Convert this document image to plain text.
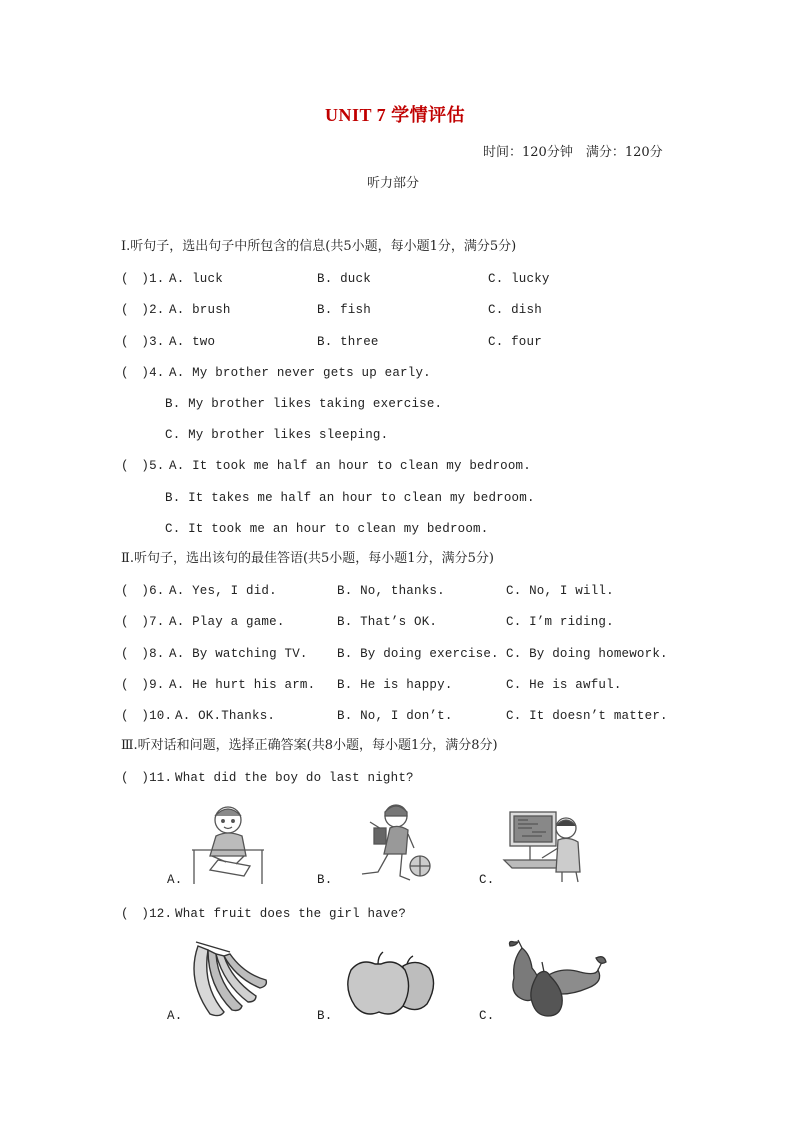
UNIT 7 学情评估
时间：120分钟　满分：120分
听力部分
Ⅰ.听句子，选出句子中所包含的信息(共5小题，每小题1分，满分5分)
(　)1. A. luck	B. duck	C. lucky
(　)2. A. brush	B. fish	C. dish
(　)3. A. two	B. three	C. four
(　)4. A. My brother never gets up early.
B. My brother likes taking exercise.
C. My brother likes sleeping.
(　)5. A. It took me half an hour to clean my bedroom.
B. It takes me half an hour to clean my bedroom.
C. It took me an hour to clean my bedroom.
Ⅱ.听句子，选出该句的最佳答语(共5小题，每小题1分，满分5分)
(　)6. A. Yes, I did.	B. No, thanks.	C. No, I will.
(　)7. A. Play a game.	B. That’s OK.	C. I’m riding.
(　)8. A. By watching TV. B. By doing exercise. C. By doing homework.
(　)9. A. He hurt his arm. B. He is happy.	C. He is awful.
(　)10. A. OK.Thanks.	B. No, I don’t.	C. It doesn’t matter.
Ⅲ.听对话和问题，选择正确答案(共8小题，每小题1分，满分8分)
(　)11. What did the boy do last night?
A.	B.	C.
(　)12. What fruit does the girl have?
A.	B.	C.
